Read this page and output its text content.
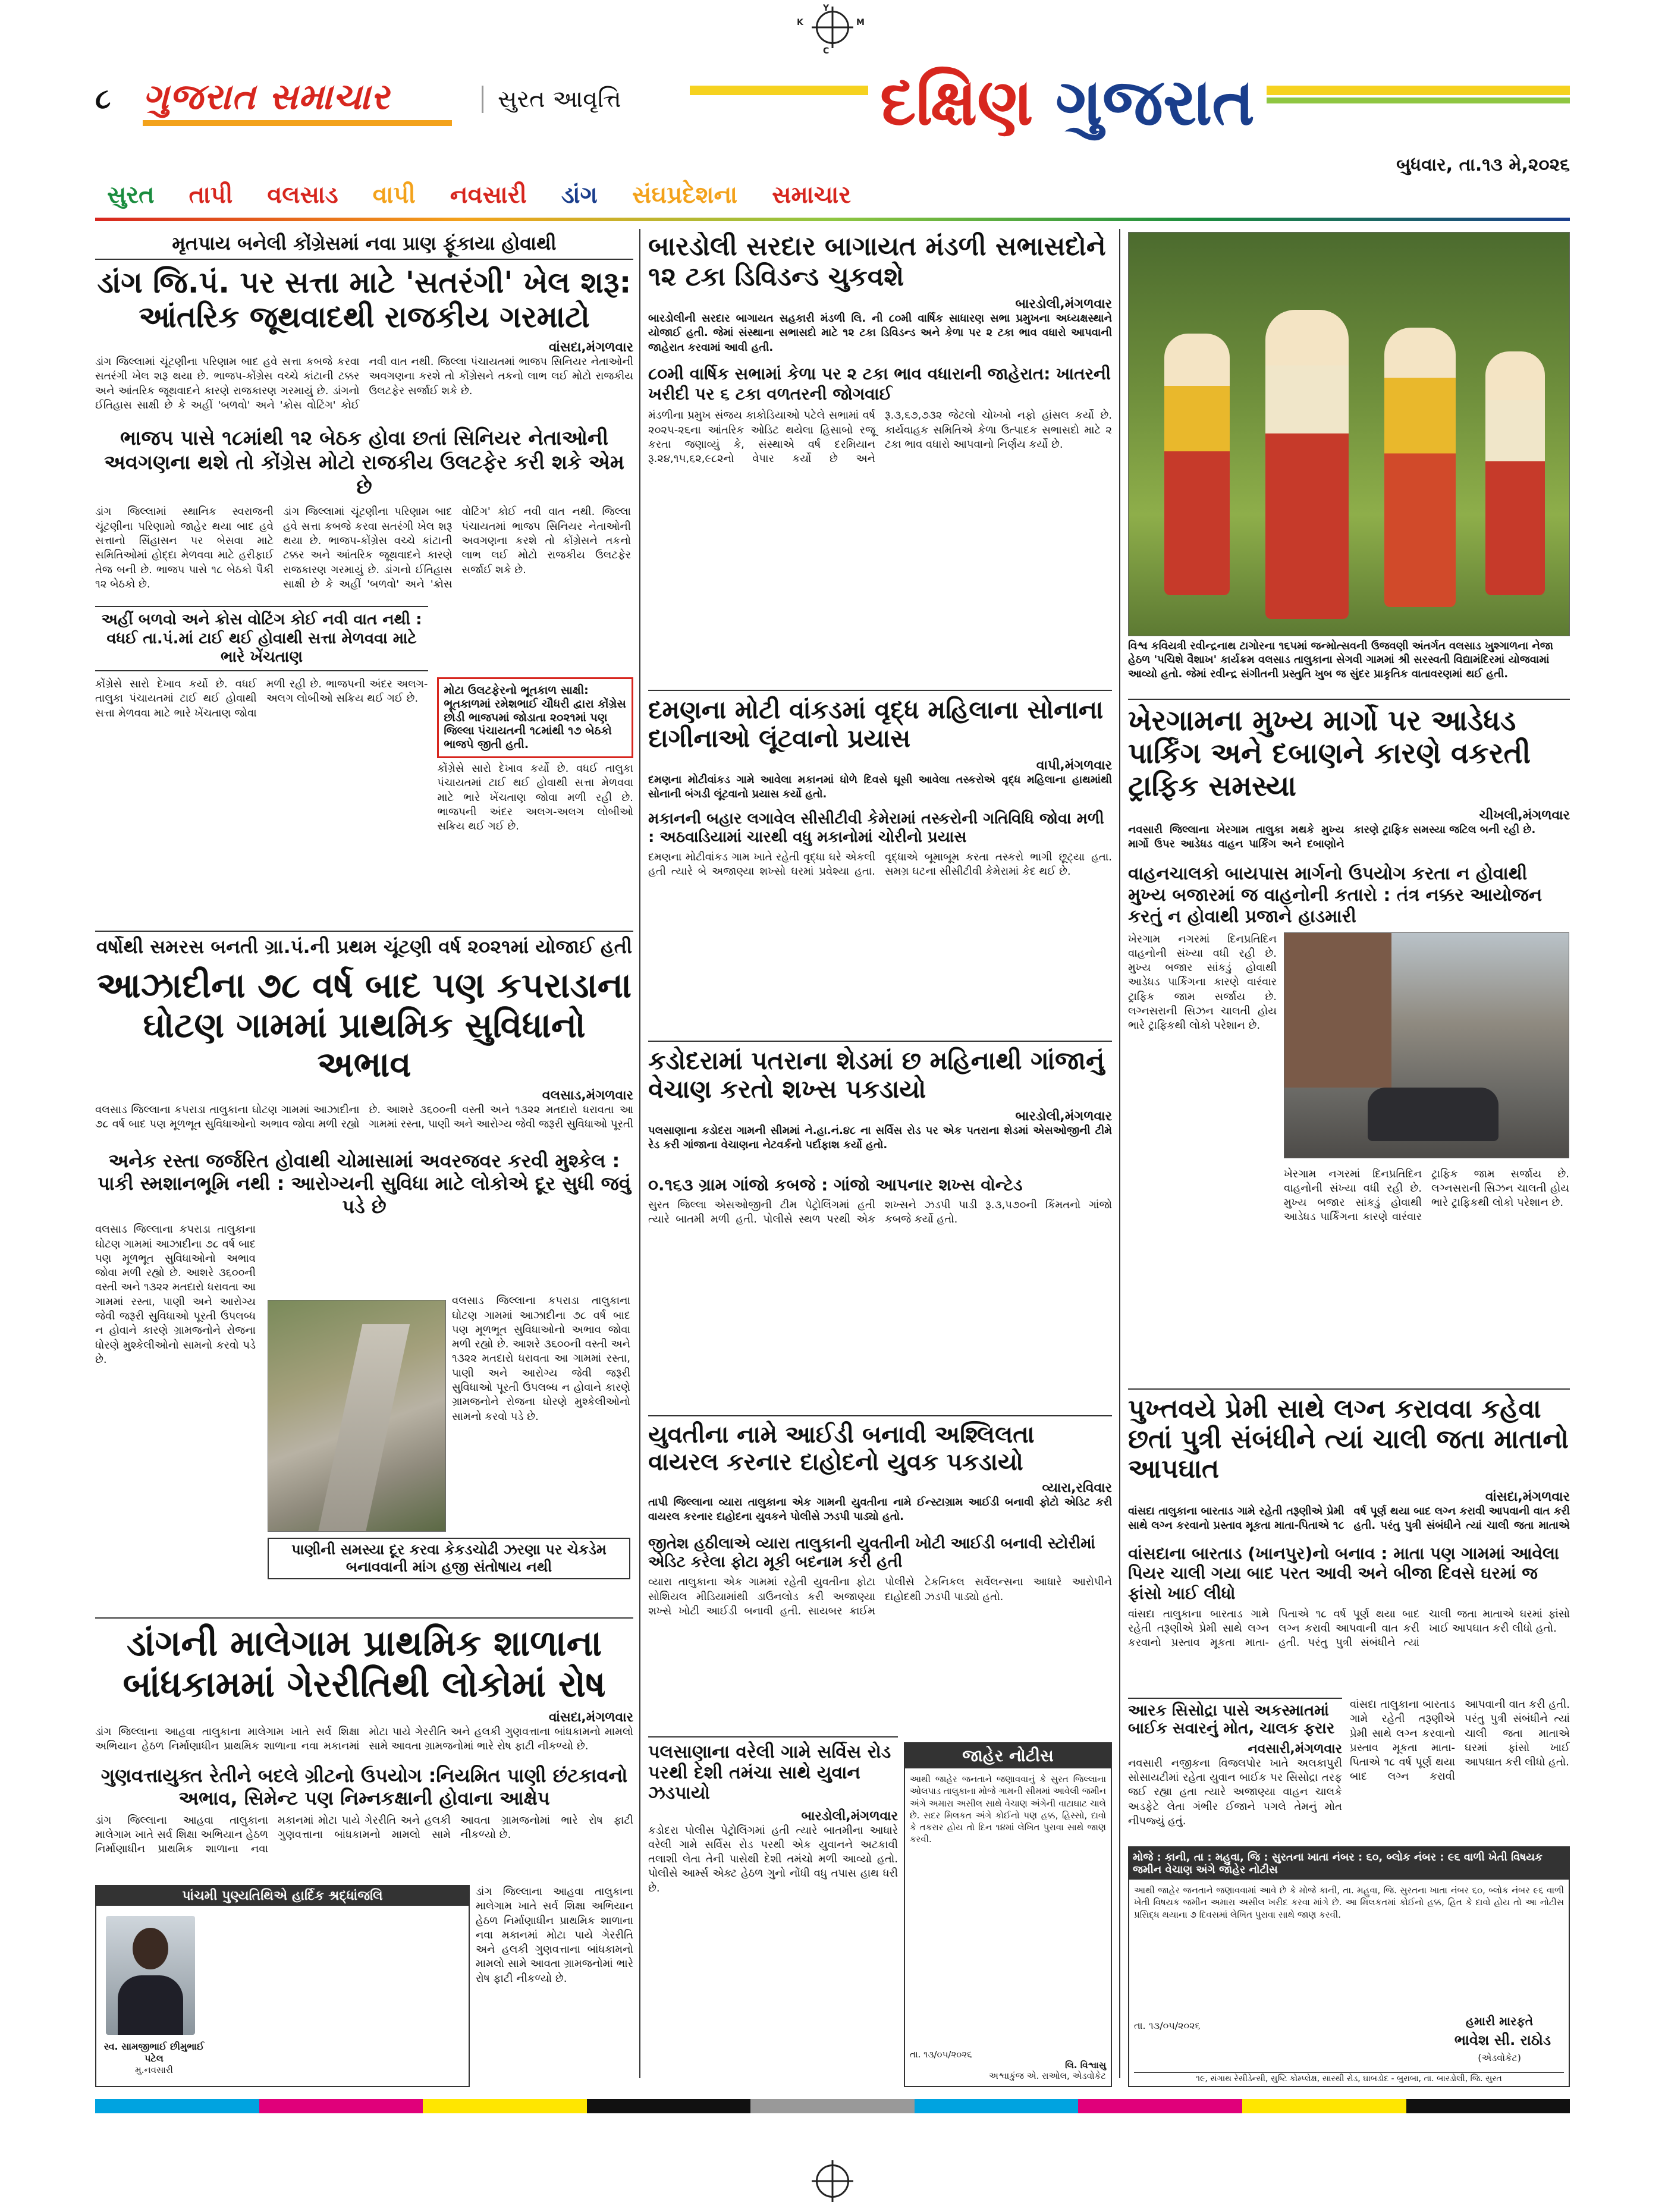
Y
M
C
K
૮ ગુજરાત સમાચાર	સુરત આવૃત્તિ	દક્ષિણ ગુજરાત
બુધવાર, તા.૧૩ મે,૨૦૨૬
સુરત	તાપી	વલસાડ	વાપી	નવસારી	ડાંગ	સંઘપ્રદેશના	સમાચાર
મૃતપાય બનેલી કોંગ્રેસમાં નવા પ્રાણ ફૂંકાયા હોવાથી
ડાંગ જિ.પં. પર સત્તા માટે 'સતરંગી' ખેલ શરૂ: આંતરિક જૂથવાદથી રાજકીય ગરમાટો
વાંસદા,મંગળવાર
ડાંગ જિલ્લામાં ચૂંટણીના પરિણામ બાદ હવે સત્તા કબજે કરવા સતરંગી ખેલ શરૂ થયા છે. ભાજપ-કોંગ્રેસ વચ્ચે કાંટાની ટક્કર અને આંતરિક જૂથવાદને કારણે રાજકારણ ગરમાયું છે. ડાંગનો ઈતિહાસ સાક્ષી છે કે અહીં 'બળવો' અને 'ક્રોસ વોટિંગ' કોઈ નવી વાત નથી. જિલ્લા પંચાયતમાં ભાજપ સિનિયર નેતાઓની અવગણના કરશે તો કોંગ્રેસને તકનો લાભ લઈ મોટો રાજકીય ઉલટફેર સર્જાઈ શકે છે.
ભાજપ પાસે ૧૮માંથી ૧૨ બેઠક હોવા છતાં સિનિયર નેતાઓની અવગણના થશે તો કોંગ્રેસ મોટો રાજકીય ઉલટફેર કરી શકે એમ છે
ડાંગ જિલ્લામાં સ્થાનિક સ્વરાજની ચૂંટણીના પરિણામો જાહેર થયા બાદ હવે સત્તાનો સિંહાસન પર બેસવા માટે સમિતિઓમાં હોદ્દા મેળવવા માટે હરીફાઈ તેજ બની છે. ભાજપ પાસે ૧૮ બેઠકો પૈકી ૧૨ બેઠકો છે.
ડાંગ જિલ્લામાં ચૂંટણીના પરિણામ બાદ હવે સત્તા કબજે કરવા સતરંગી ખેલ શરૂ થયા છે. ભાજપ-કોંગ્રેસ વચ્ચે કાંટાની ટક્કર અને આંતરિક જૂથવાદને કારણે રાજકારણ ગરમાયું છે. ડાંગનો ઈતિહાસ સાક્ષી છે કે અહીં 'બળવો' અને 'ક્રોસ વોટિંગ' કોઈ નવી વાત નથી. જિલ્લા પંચાયતમાં ભાજપ સિનિયર નેતાઓની અવગણના કરશે તો કોંગ્રેસને તકનો લાભ લઈ મોટો રાજકીય ઉલટફેર સર્જાઈ શકે છે.
અહીં બળવો અને ક્રોસ વોટિંગ કોઈ નવી વાત નથી : વધઈ તા.પં.માં ટાઈ થઈ હોવાથી સત્તા મેળવવા માટે ભારે ખેંચતાણ
કોંગ્રેસે સારો દેખાવ કર્યો છે. વધઈ તાલુકા પંચાયતમાં ટાઈ થઈ હોવાથી સત્તા મેળવવા માટે ભારે ખેંચતાણ જોવા મળી રહી છે. ભાજપની અંદર અલગ-અલગ લોબીઓ સક્રિય થઈ ગઈ છે.
મોટા ઉલટફેરનો ભૂતકાળ સાક્ષી: ભૂતકાળમાં રમેશભાઈ ચૌધરી દ્વારા કોંગ્રેસ છોડી ભાજપમાં જોડાતા ૨૦૨૧માં પણ જિલ્લા પંચાયતની ૧૮માંથી ૧૭ બેઠકો ભાજપે જીતી હતી.
કોંગ્રેસે સારો દેખાવ કર્યો છે. વધઈ તાલુકા પંચાયતમાં ટાઈ થઈ હોવાથી સત્તા મેળવવા માટે ભારે ખેંચતાણ જોવા મળી રહી છે. ભાજપની અંદર અલગ-અલગ લોબીઓ સક્રિય થઈ ગઈ છે.
વર્ષોથી સમરસ બનતી ગ્રા.પં.ની પ્રથમ ચૂંટણી વર્ષ ૨૦૨૧માં યોજાઈ હતી
આઝાદીના ૭૮ વર્ષ બાદ પણ કપરાડાના ઘોટણ ગામમાં પ્રાથમિક સુવિધાનો અભાવ
વલસાડ,મંગળવાર
વલસાડ જિલ્લાના કપરાડા તાલુકાના ઘોટણ ગામમાં આઝાદીના ૭૮ વર્ષ બાદ પણ મૂળભૂત સુવિધાઓનો અભાવ જોવા મળી રહ્યો છે. આશરે ૩૬૦૦ની વસ્તી અને ૧૩૨૨ મતદારો ધરાવતા આ ગામમાં રસ્તા, પાણી અને આરોગ્ય જેવી જરૂરી સુવિધાઓ પૂરતી
અનેક રસ્તા જર્જરિત હોવાથી ચોમાસામાં અવરજવર કરવી મુશ્કેલ : પાકી સ્મશાનભૂમિ નથી : આરોગ્યની સુવિધા માટે લોકોએ દૂર સુધી જવું પડે છે
વલસાડ જિલ્લાના કપરાડા તાલુકાના ઘોટણ ગામમાં આઝાદીના ૭૮ વર્ષ બાદ પણ મૂળભૂત સુવિધાઓનો અભાવ જોવા મળી રહ્યો છે. આશરે ૩૬૦૦ની વસ્તી અને ૧૩૨૨ મતદારો ધરાવતા આ ગામમાં રસ્તા, પાણી અને આરોગ્ય જેવી જરૂરી સુવિધાઓ પૂરતી ઉપલબ્ધ ન હોવાને કારણે ગ્રામજનોને રોજના ધોરણે મુશ્કેલીઓનો સામનો કરવો પડે છે.
વલસાડ જિલ્લાના કપરાડા તાલુકાના ઘોટણ ગામમાં આઝાદીના ૭૮ વર્ષ બાદ પણ મૂળભૂત સુવિધાઓનો અભાવ જોવા મળી રહ્યો છે. આશરે ૩૬૦૦ની વસ્તી અને ૧૩૨૨ મતદારો ધરાવતા આ ગામમાં રસ્તા, પાણી અને આરોગ્ય જેવી જરૂરી સુવિધાઓ પૂરતી ઉપલબ્ધ ન હોવાને કારણે ગ્રામજનોને રોજના ધોરણે મુશ્કેલીઓનો સામનો કરવો પડે છે.
પાણીની સમસ્યા દૂર કરવા કેકડચોઢી ઝરણા પર ચેકડેમ બનાવવાની માંગ હજી સંતોષાય નથી
ડાંગની માલેગામ પ્રાથમિક શાળાના બાંધકામમાં ગેરરીતિથી લોકોમાં રોષ
વાંસદા,મંગળવાર
ડાંગ જિલ્લાના આહવા તાલુકાના માલેગામ ખાતે સર્વ શિક્ષા અભિયાન હેઠળ નિર્માણાધીન પ્રાથમિક શાળાના નવા મકાનમાં મોટા પાયે ગેરરીતિ અને હલકી ગુણવત્તાના બાંધકામનો મામલો સામે આવતા ગ્રામજનોમાં ભારે રોષ ફાટી નીકળ્યો છે.
ગુણવત્તાયુક્ત રેતીને બદલે ગ્રીટનો ઉપયોગ :નિયમિત પાણી છંટકાવનો અભાવ, સિમેન્ટ પણ નિમ્નકક્ષાની હોવાના આક્ષેપ
ડાંગ જિલ્લાના આહવા તાલુકાના માલેગામ ખાતે સર્વ શિક્ષા અભિયાન હેઠળ નિર્માણાધીન પ્રાથમિક શાળાના નવા મકાનમાં મોટા પાયે ગેરરીતિ અને હલકી ગુણવત્તાના બાંધકામનો મામલો સામે આવતા ગ્રામજનોમાં ભારે રોષ ફાટી નીકળ્યો છે.
પાંચમી પુણ્યતિથિએ હાર્દિક શ્રદ્ધાંજલિ
સ્વ. સામજીભાઈ છીમુભાઈ પટેલ
મુ.નવસારી
ડાંગ જિલ્લાના આહવા તાલુકાના માલેગામ ખાતે સર્વ શિક્ષા અભિયાન હેઠળ નિર્માણાધીન પ્રાથમિક શાળાના નવા મકાનમાં મોટા પાયે ગેરરીતિ અને હલકી ગુણવત્તાના બાંધકામનો મામલો સામે આવતા ગ્રામજનોમાં ભારે રોષ ફાટી નીકળ્યો છે.
બારડોલી સરદાર બાગાયત મંડળી સભાસદોને ૧૨ ટકા ડિવિડન્ડ ચુકવશે
બારડોલી,મંગળવાર
બારડોલીની સરદાર બાગાયત સહકારી મંડળી લિ. ની ૮૦મી વાર્ષિક સાધારણ સભા પ્રમુખના અધ્યક્ષસ્થાને યોજાઈ હતી. જેમાં સંસ્થાના સભાસદો માટે ૧૨ ટકા ડિવિડન્ડ અને કેળા પર ૨ ટકા ભાવ વધારો આપવાની જાહેરાત કરવામાં આવી હતી.
૮૦મી વાર્ષિક સભામાં કેળા પર ૨ ટકા ભાવ વધારાની જાહેરાત: ખાતરની ખરીદી પર ૬ ટકા વળતરની જોગવાઈ
મંડળીના પ્રમુખ સંજય કાકોડિયાઓ પટેલે સભામાં વર્ષ ૨૦૨૫-૨૬ના આંતરિક ઓડિટ થયેલા હિસાબો રજૂ કરતા જણાવ્યું કે, સંસ્થાએ વર્ષ દરમિયાન રૂ.૨૪,૧૫,૬૨,૯૮૨નો વેપાર કર્યો છે અને રૂ.૩,૬૭,૭૩૨ જેટલો ચોખ્ખો નફો હાંસલ કર્યો છે. કાર્યવાહક સમિતિએ કેળા ઉત્પાદક સભાસદો માટે ૨ ટકા ભાવ વધારો આપવાનો નિર્ણય કર્યો છે.
દમણના મોટી વાંકડમાં વૃદ્ધ મહિલાના સોનાના દાગીનાઓ લૂંટવાનો પ્રયાસ
વાપી,મંગળવાર
દમણના મોટીવાંકડ ગામે આવેલા મકાનમાં ધોળે દિવસે ઘૂસી આવેલા તસ્કરોએ વૃદ્ધ મહિલાના હાથમાંથી સોનાની બંગડી લૂંટવાનો પ્રયાસ કર્યો હતો.
મકાનની બહાર લગાવેલ સીસીટીવી કેમેરામાં તસ્કરોની ગતિવિધિ જોવા મળી : અઠવાડિયામાં ચારથી વધુ મકાનોમાં ચોરીનો પ્રયાસ
દમણના મોટીવાંકડ ગામ ખાતે રહેતી વૃદ્ધા ઘરે એકલી હતી ત્યારે બે અજાણ્યા શખ્સો ઘરમાં પ્રવેશ્યા હતા. વૃદ્ધાએ બૂમાબૂમ કરતા તસ્કરો ભાગી છૂટ્યા હતા. સમગ્ર ઘટના સીસીટીવી કેમેરામાં કેદ થઈ છે.
કડોદરામાં પતરાના શેડમાં છ મહિનાથી ગાંજાનું વેચાણ કરતો શખ્સ પકડાયો
બારડોલી,મંગળવાર
પલસાણાના કડોદરા ગામની સીમમાં ને.હા.નં.૪૮ ના સર્વિસ રોડ પર એક પતરાના શેડમાં એસઓજીની ટીમે રેડ કરી ગાંજાના વેચાણના નેટવર્કનો પર્દાફાશ કર્યો હતો.
૦.૧૬૩ ગ્રામ ગાંજો કબજે : ગાંજો આપનાર શખ્સ વોન્ટેડ
સુરત જિલ્લા એસઓજીની ટીમ પેટ્રોલિંગમાં હતી ત્યારે બાતમી મળી હતી. પોલીસે સ્થળ પરથી એક શખ્સને ઝડપી પાડી રૂ.૩,૫૭૦ની કિંમતનો ગાંજો કબજે કર્યો હતો.
યુવતીના નામે આઈડી બનાવી અશ્લિલતા વાયરલ કરનાર દાહોદનો યુવક પકડાયો
વ્યારા,રવિવાર
તાપી જિલ્લાના વ્યારા તાલુકાના એક ગામની યુવતીના નામે ઈન્સ્ટાગ્રામ આઈડી બનાવી ફોટો એડિટ કરી વાયરલ કરનાર દાહોદના યુવકને પોલીસે ઝડપી પાડ્યો હતો.
જીતેશ હઠીલાએ વ્યારા તાલુકાની યુવતીની ખોટી આઈડી બનાવી સ્ટોરીમાં એડિટ કરેલા ફોટા મૂકી બદનામ કરી હતી
વ્યારા તાલુકાના એક ગામમાં રહેતી યુવતીના ફોટા સોશિયલ મીડિયામાંથી ડાઉનલોડ કરી અજાણ્યા શખ્સે ખોટી આઈડી બનાવી હતી. સાયબર ક્રાઈમ પોલીસે ટેકનિકલ સર્વેલન્સના આધારે આરોપીને દાહોદથી ઝડપી પાડ્યો હતો.
પલસાણાના વરેલી ગામે સર્વિસ રોડ પરથી દેશી તમંચા સાથે યુવાન ઝડપાયો
બારડોલી,મંગળવાર
કડોદરા પોલીસ પેટ્રોલિંગમાં હતી ત્યારે બાતમીના આધારે વરેલી ગામે સર્વિસ રોડ પરથી એક યુવાનને અટકાવી તલાશી લેતા તેની પાસેથી દેશી તમંચો મળી આવ્યો હતો. પોલીસે આર્મ્સ એક્ટ હેઠળ ગુનો નોંધી વધુ તપાસ હાથ ધરી છે.
જાહેર નોટીસ
આથી જાહેર જનતાને જણાવવાનું કે સુરત જિલ્લાના ઓલપાડ તાલુકાના મોજે ગામની સીમમાં આવેલી જમીન અંગે અમારા અસીલ સાથે વેચાણ અંગેની વાટાઘાટ ચાલે છે. સદર મિલકત અંગે કોઈનો પણ હક્ક, હિસ્સો, દાવો કે તકરાર હોય તો દિન ૧૪માં લેખિત પુરાવા સાથે જાણ કરવી.
તા. ૧૩/૦૫/૨૦૨૬
લિ. વિશ્વાસુ
અશ્વાકુંજ એ. રાઓલ, એડવોકેટ
વિશ્વ કવિયત્રી રવીન્દ્રનાથ ટાગોરના ૧૬૫માં જન્મોત્સવની ઉજવણી અંતર્ગત વલસાડ ખુશ્ગાળના નેજા હેઠળ 'પચિશે વૈશાખ' કાર્યક્રમ વલસાડ તાલુકાના સેગવી ગામમાં શ્રી સરસ્વતી વિદ્યામંદિરમાં યોજવામાં આવ્યો હતો. જેમાં રવીન્દ્ર સંગીતની પ્રસ્તુતિ ખુબ જ સુંદર પ્રાકૃતિક વાતાવરણમાં થઈ હતી.
ખેરગામના મુખ્ય માર્ગો પર આડેધડ પાર્કિંગ અને દબાણને કારણે વકરતી ટ્રાફિક સમસ્યા
ચીખલી,મંગળવાર
નવસારી જિલ્લાના ખેરગામ તાલુકા મથકે મુખ્ય માર્ગો ઉપર આડેધડ વાહન પાર્કિંગ અને દબાણોને કારણે ટ્રાફિક સમસ્યા જટિલ બની રહી છે.
વાહનચાલકો બાયપાસ માર્ગનો ઉપયોગ કરતા ન હોવાથી મુખ્ય બજારમાં જ વાહનોની કતારો : તંત્ર નક્કર આયોજન કરતું ન હોવાથી પ્રજાને હાડમારી
ખેરગામ નગરમાં દિનપ્રતિદિન વાહનોની સંખ્યા વધી રહી છે. મુખ્ય બજાર સાંકડું હોવાથી આડેધડ પાર્કિંગના કારણે વારંવાર ટ્રાફિક જામ સર્જાય છે. લગ્નસરાની સિઝન ચાલતી હોય ભારે ટ્રાફિકથી લોકો પરેશાન છે.
ખેરગામ નગરમાં દિનપ્રતિદિન વાહનોની સંખ્યા વધી રહી છે. મુખ્ય બજાર સાંકડું હોવાથી આડેધડ પાર્કિંગના કારણે વારંવાર ટ્રાફિક જામ સર્જાય છે. લગ્નસરાની સિઝન ચાલતી હોય ભારે ટ્રાફિકથી લોકો પરેશાન છે.
પુખ્તવયે પ્રેમી સાથે લગ્ન કરાવવા કહેવા છતાં પુત્રી સંબંધીને ત્યાં ચાલી જતા માતાનો આપઘાત
વાંસદા,મંગળવાર
વાંસદા તાલુકાના બારતાડ ગામે રહેતી તરૂણીએ પ્રેમી સાથે લગ્ન કરવાનો પ્રસ્તાવ મૂકતા માતા-પિતાએ ૧૮ વર્ષ પૂર્ણ થયા બાદ લગ્ન કરાવી આપવાની વાત કરી હતી. પરંતુ પુત્રી સંબંધીને ત્યાં ચાલી જતા માતાએ
વાંસદાના બારતાડ (ખાનપુર)નો બનાવ : માતા પણ ગામમાં આવેલા પિયર ચાલી ગયા બાદ પરત આવી અને બીજા દિવસે ઘરમાં જ ફાંસો ખાઈ લીધો
વાંસદા તાલુકાના બારતાડ ગામે રહેતી તરૂણીએ પ્રેમી સાથે લગ્ન કરવાનો પ્રસ્તાવ મૂકતા માતા-પિતાએ ૧૮ વર્ષ પૂર્ણ થયા બાદ લગ્ન કરાવી આપવાની વાત કરી હતી. પરંતુ પુત્રી સંબંધીને ત્યાં ચાલી જતા માતાએ ઘરમાં ફાંસો ખાઈ આપઘાત કરી લીધો હતો.
આરક સિસોદ્રા પાસે અકસ્માતમાં બાઈક સવારનું મોત, ચાલક ફરાર
નવસારી,મંગળવાર
નવસારી નજીકના વિજલપોર ખાતે અલકાપુરી સોસાયટીમાં રહેતા યુવાન બાઈક પર સિસોદ્રા તરફ જઈ રહ્યા હતા ત્યારે અજાણ્યા વાહન ચાલકે અડફેટે લેતા ગંભીર ઈજાને પગલે તેમનું મોત નીપજ્યું હતું.
વાંસદા તાલુકાના બારતાડ ગામે રહેતી તરૂણીએ પ્રેમી સાથે લગ્ન કરવાનો પ્રસ્તાવ મૂકતા માતા-પિતાએ ૧૮ વર્ષ પૂર્ણ થયા બાદ લગ્ન કરાવી આપવાની વાત કરી હતી. પરંતુ પુત્રી સંબંધીને ત્યાં ચાલી જતા માતાએ ઘરમાં ફાંસો ખાઈ આપઘાત કરી લીધો હતો.
મોજે : કાની, તા : મહુવા, જિ : સુરતના ખાતા નંબર : ૬૦, બ્લોક નંબર : ૯૬ વાળી ખેતી વિષયક જમીન વેચાણ અંગે જાહેર નોટીસ
આથી જાહેર જનતાને જણાવવામાં આવે છે કે મોજે કાની, તા. મહુવા, જિ. સુરતના ખાતા નંબર ૬૦, બ્લોક નંબર ૯૬ વાળી ખેતી વિષયક જમીન અમારા અસીલ ખરીદ કરવા માંગે છે. આ મિલકતમાં કોઈનો હક્ક, હિત કે દાવો હોય તો આ નોટીસ પ્રસિદ્ધ થયાના ૭ દિવસમાં લેખિત પુરાવા સાથે જાણ કરવી.
તા. ૧૩/૦૫/૨૦૨૬	હમારી મારફતે
ભાવેશ સી. રાઠોડ
(એડવોકેટ)
૧૯, સંગાથ રેસીડેન્સી, સુષ્ટિ કોમ્પ્લેક્ષ, સારથી રોડ, ઘાબડોદ - બુરાબા, તા. બારડોલી, જિ. સુરત
